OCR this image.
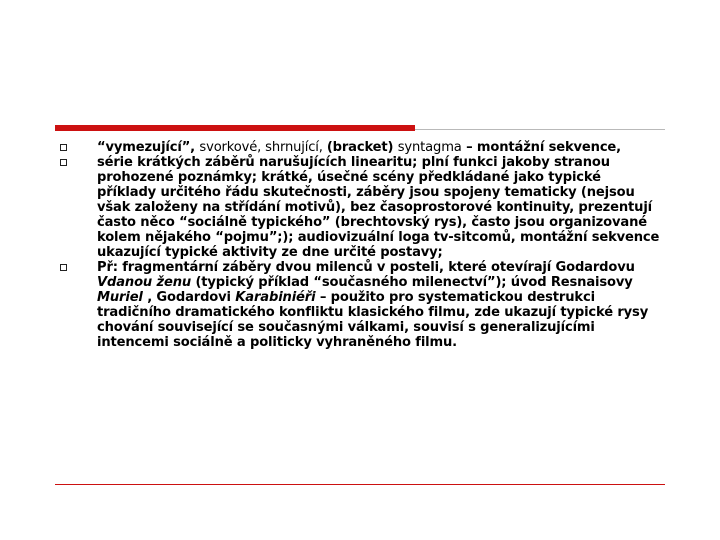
“vymezující”, svorkové, shrnující, (bracket) syntagma – montážní sekvence,
série krátkých záběrů narušujících linearitu; plní funkci jakoby stranou prohozené poznámky; krátké, úsečné scény předkládané jako typické příklady určitého řádu skutečnosti, záběry jsou spojeny tematicky (nejsou však založeny na střídání motivů), bez časoprostorové kontinuity, prezentují často něco “sociálně typického” (brechtovský rys), často jsou organizované kolem nějakého “pojmu”;); audiovizuální loga tv-sitcomů, montážní sekvence ukazující typické aktivity ze dne určité postavy;
Př: fragmentární záběry dvou milenců v posteli, které otevírají Godardovu Vdanou ženu (typický příklad “současného milenectví”); úvod Resnaisovy Muriel , Godardovi Karabiniéři – použito pro systematickou destrukci tradičního dramatického konfliktu klasického filmu, zde ukazují typické rysy chování související se současnými válkami, souvisí s generalizujícími intencemi sociálně a politicky vyhraněného filmu.
